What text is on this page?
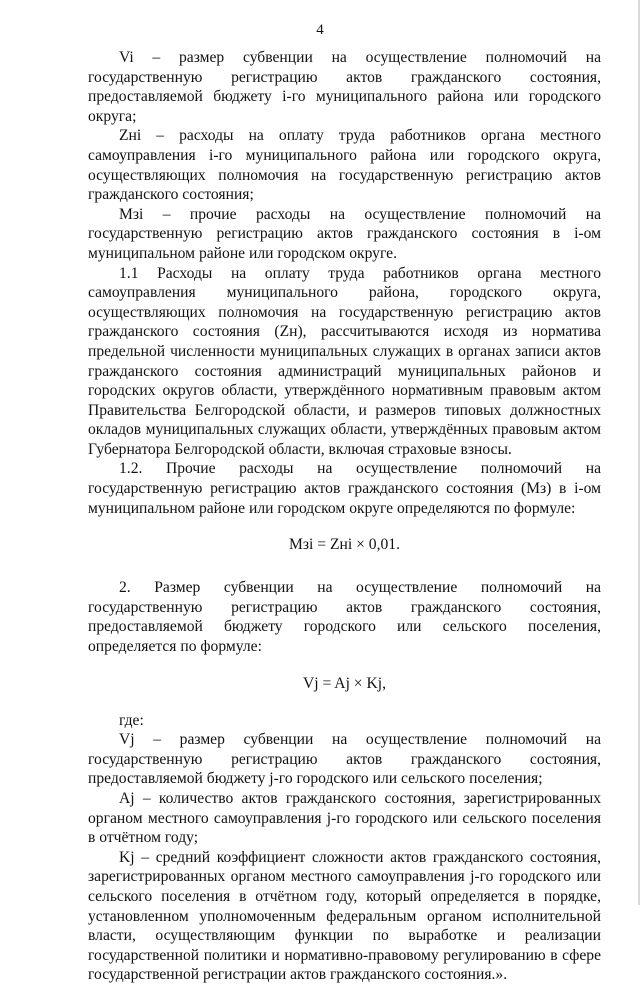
4

Vi – размер субвенции на осуществление полномочий на государственную регистрацию актов гражданского состояния, предоставляемой бюджету i-го муниципального района или городского округа;

Zнi – расходы на оплату труда работников органа местного самоуправления i-го муниципального района или городского округа, осуществляющих полномочия на государственную регистрацию актов гражданского состояния;

Mзi – прочие расходы на осуществление полномочий на государственную регистрацию актов гражданского состояния в i-ом муниципальном районе или городском округе.

1.1 Расходы на оплату труда работников органа местного самоуправления муниципального района, городского округа, осуществляющих полномочия на государственную регистрацию актов гражданского состояния (Zн), рассчитываются исходя из норматива предельной численности муниципальных служащих в органах записи актов гражданского состояния администраций муниципальных районов и городских округов области, утверждённого нормативным правовым актом Правительства Белгородской области, и размеров типовых должностных окладов муниципальных служащих области, утверждённых правовым актом Губернатора Белгородской области, включая страховые взносы.

1.2. Прочие расходы на осуществление полномочий на государственную регистрацию актов гражданского состояния (Mз) в i-ом муниципальном районе или городском округе определяются по формуле:

Mзi = Zнi × 0,01.

2. Размер субвенции на осуществление полномочий на государственную регистрацию актов гражданского состояния, предоставляемой бюджету городского или сельского поселения, определяется по формуле:

Vj = Aj × Kj,

где:

Vj – размер субвенции на осуществление полномочий на государственную регистрацию актов гражданского состояния, предоставляемой бюджету j-го городского или сельского поселения;

Aj – количество актов гражданского состояния, зарегистрированных органом местного самоуправления j-го городского или сельского поселения в отчётном году;

Kj – средний коэффициент сложности актов гражданского состояния, зарегистрированных органом местного самоуправления j-го городского или сельского поселения в отчётном году, который определяется в порядке, установленном уполномоченным федеральным органом исполнительной власти, осуществляющим функции по выработке и реализации государственной политики и нормативно-правовому регулированию в сфере государственной регистрации актов гражданского состояния.».
